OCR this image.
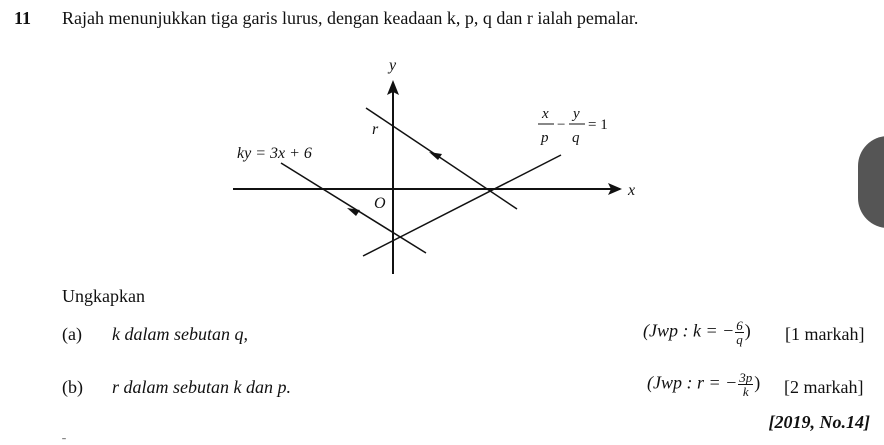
11 Rajah menunjukkan tiga garis lurus, dengan keadaan k, p, q dan r ialah pemalar.
y
x
O
r
ky = 3x + 6
x
p
−
y
q
= 1
Ungkapkan
(a) k dalam sebutan q,	(Jwp : k = − $\frac{6}{q}$ ) [1 markah]
(b) r dalam sebutan k dan p.	(Jwp : r = − $\frac{3p}{k}$ ) [2 markah]
[2019, No.14]
˗
